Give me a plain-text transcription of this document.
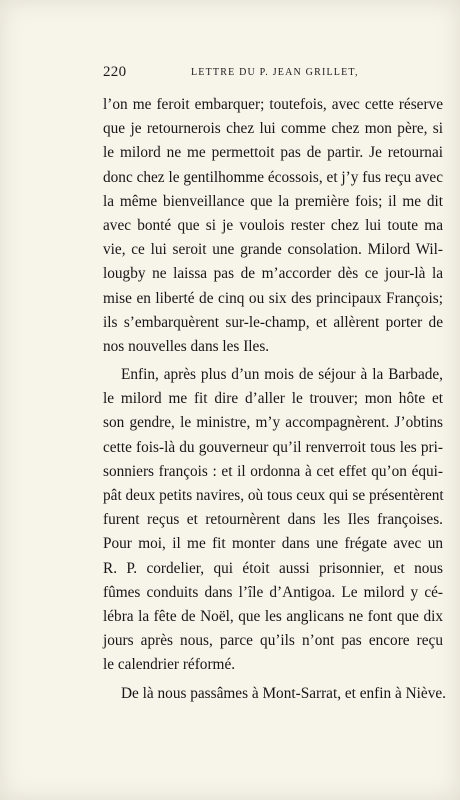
220	LETTRE DU P. JEAN GRILLET,
l’on me feroit embarquer; toutefois, avec cette réserve
que je retournerois chez lui comme chez mon père, si
le milord ne me permettoit pas de partir. Je retournai
donc chez le gentilhomme écossois, et j’y fus reçu avec
la même bienveillance que la première fois; il me dit
avec bonté que si je voulois rester chez lui toute ma
vie, ce lui seroit une grande consolation. Milord Wil-
lougby ne laissa pas de m’accorder dès ce jour-là la
mise en liberté de cinq ou six des principaux François;
ils s’embarquèrent sur-le-champ, et allèrent porter de
nos nouvelles dans les Iles.
Enfin, après plus d’un mois de séjour à la Barbade,
le milord me fit dire d’aller le trouver; mon hôte et
son gendre, le ministre, m’y accompagnèrent. J’obtins
cette fois-là du gouverneur qu’il renverroit tous les pri-
sonniers françois : et il ordonna à cet effet qu’on équi-
pât deux petits navires, où tous ceux qui se présentèrent
furent reçus et retournèrent dans les Iles françoises.
Pour moi, il me fit monter dans une frégate avec un
R. P. cordelier, qui étoit aussi prisonnier, et nous
fûmes conduits dans l’île d’Antigoa. Le milord y cé-
lébra la fête de Noël, que les anglicans ne font que dix
jours après nous, parce qu’ils n’ont pas encore reçu
le calendrier réformé.
De là nous passâmes à Mont-Sarrat, et enfin à Niève.
